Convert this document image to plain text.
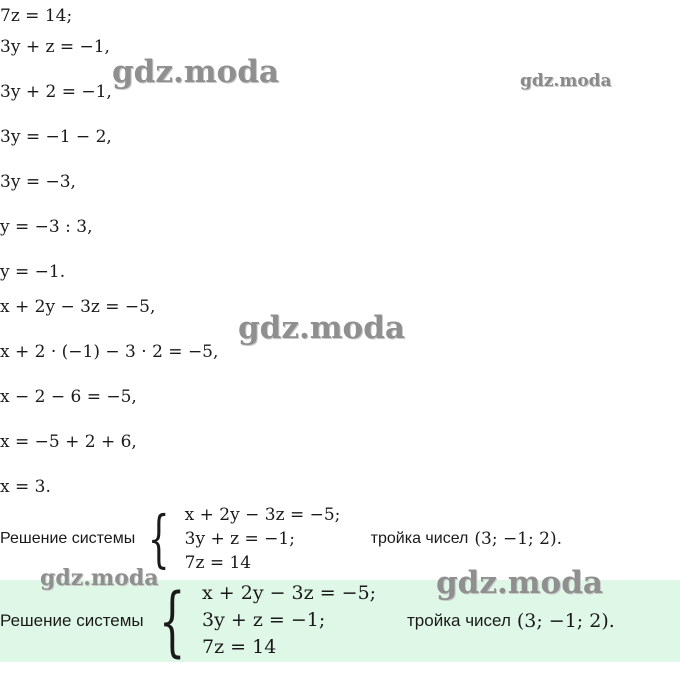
7z = 14;
3y + z = −1,
3y + 2 = −1,
3y = −1 − 2,
3y = −3,
y = −3 : 3,
y = −1.
x + 2y − 3z = −5,
x + 2 · (−1) − 3 · 2 = −5,
x − 2 − 6 = −5,
x = −5 + 2 + 6,
x = 3.
Решение системы { x + 2y − 3z = −5;
3y + z = −1;
7z = 14
тройка чисел (3; −1; 2).
Решение системы { x + 2y − 3z = −5;
3y + z = −1;
7z = 14
тройка чисел (3; −1; 2).
gdz.moda	gdz.moda
gdz.moda
gdz.moda	gdz.moda
